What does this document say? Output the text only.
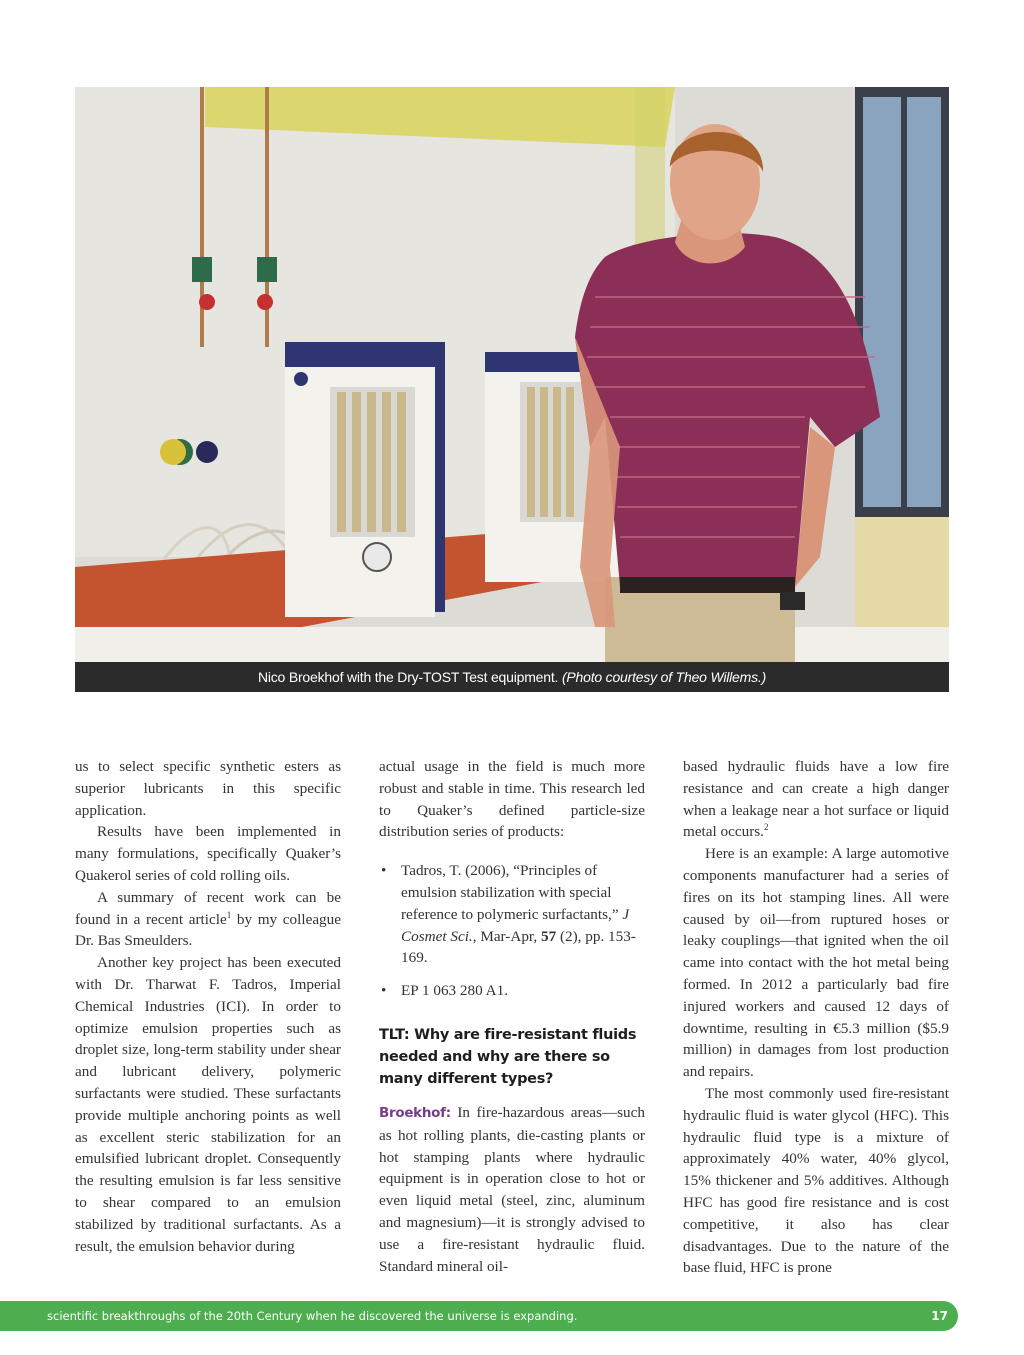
Nico Broekhof with the Dry-TOST Test equipment. (Photo courtesy of Theo Willems.)

us to select specific synthetic esters as superior lubricants in this specific application.

Results have been implemented in many formulations, specifically Quaker’s Quakerol series of cold rolling oils.

A summary of recent work can be found in a recent article$^1$ by my colleague Dr. Bas Smeulders.

Another key project has been executed with Dr. Tharwat F. Tadros, Imperial Chemical Industries (ICI). In order to optimize emulsion properties such as droplet size, long-term stability under shear and lubricant delivery, polymeric surfactants were studied. These surfactants provide multiple anchoring points as well as excellent steric stabilization for an emulsified lubricant droplet. Consequently the resulting emulsion is far less sensitive to shear compared to an emulsion stabilized by traditional surfactants. As a result, the emulsion behavior during

actual usage in the field is much more robust and stable in time. This research led to Quaker’s defined particle-size distribution series of products:

• Tadros, T. (2006), “Principles of emulsion stabilization with special reference to polymeric surfactants,” J Cosmet Sci., Mar-Apr, 57 (2), pp. 153-169.
• EP 1 063 280 A1.
TLT: Why are fire-resistant fluids needed and why are there so many different types?

Broekhof: In fire-hazardous areas—such as hot rolling plants, die-casting plants or hot stamping plants where hydraulic equipment is in operation close to hot or even liquid metal (steel, zinc, aluminum and magnesium)—it is strongly advised to use a fire-resistant hydraulic fluid. Standard mineral oil-

based hydraulic fluids have a low fire resistance and can create a high danger when a leakage near a hot surface or liquid metal occurs.$^2$

Here is an example: A large automotive components manufacturer had a series of fires on its hot stamping lines. All were caused by oil—from ruptured hoses or leaky couplings—that ignited when the oil came into contact with the hot metal being formed. In 2012 a particularly bad fire injured workers and caused 12 days of downtime, resulting in €5.3 million ($5.9 million) in damages from lost production and repairs.

The most commonly used fire-resistant hydraulic fluid is water glycol (HFC). This hydraulic fluid type is a mixture of approximately 40% water, 40% glycol, 15% thickener and 5% additives. Although HFC has good fire resistance and is cost competitive, it also has clear disadvantages. Due to the nature of the base fluid, HFC is prone

scientific breakthroughs of the 20th Century when he discovered the universe is expanding.	17
